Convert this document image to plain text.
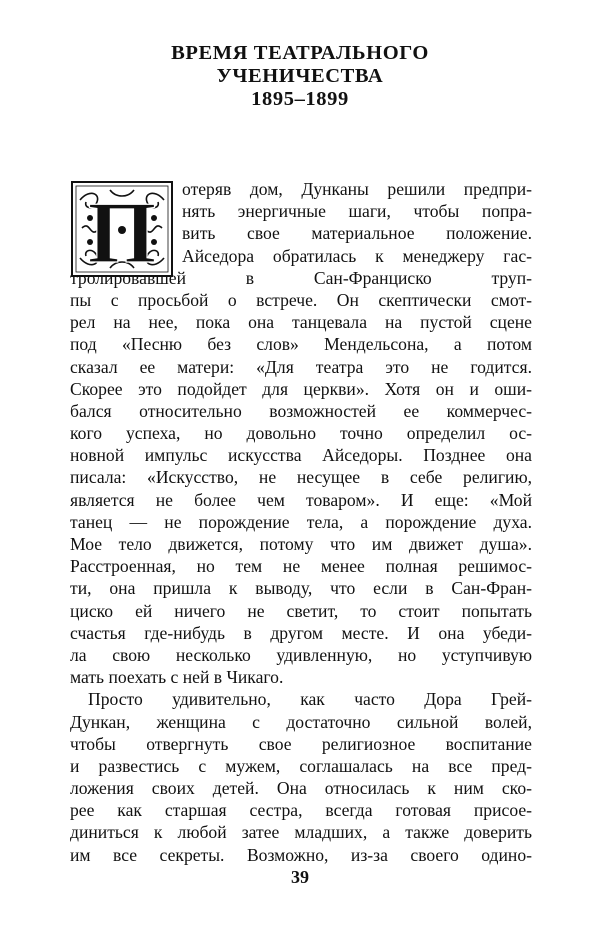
ВРЕМЯ ТЕАТРАЛЬНОГО
УЧЕНИЧЕСТВА
1895–1899
П	отеряв дом, Дунканы решили предпри-
нять энергичные шаги, чтобы попра-
вить свое материальное положение.
Айседора обратилась к менеджеру гас-
тролировавшей в Сан-Франциско труп-
пы с просьбой о встрече. Он скептически смот-
рел на нее, пока она танцевала на пустой сцене
под «Песню без слов» Мендельсона, а потом
сказал ее матери: «Для театра это не годится.
Скорее это подойдет для церкви». Хотя он и оши-
бался относительно возможностей ее коммерчес-
кого успеха, но довольно точно определил ос-
новной импульс искусства Айседоры. Позднее она
писала: «Искусство, не несущее в себе религию,
является не более чем товаром». И еще: «Мой
танец — не порождение тела, а порождение духа.
Мое тело движется, потому что им движет душа».
Расстроенная, но тем не менее полная решимос-
ти, она пришла к выводу, что если в Сан-Фран-
циско ей ничего не светит, то стоит попытать
счастья где-нибудь в другом месте. И она убеди-
ла свою несколько удивленную, но уступчивую
мать поехать с ней в Чикаго.
Просто удивительно, как часто Дора Грей-
Дункан, женщина с достаточно сильной волей,
чтобы отвергнуть свое религиозное воспитание
и развестись с мужем, соглашалась на все пред-
ложения своих детей. Она относилась к ним ско-
рее как старшая сестра, всегда готовая присое-
диниться к любой затее младших, а также доверить
им все секреты. Возможно, из-за своего одино-
39
